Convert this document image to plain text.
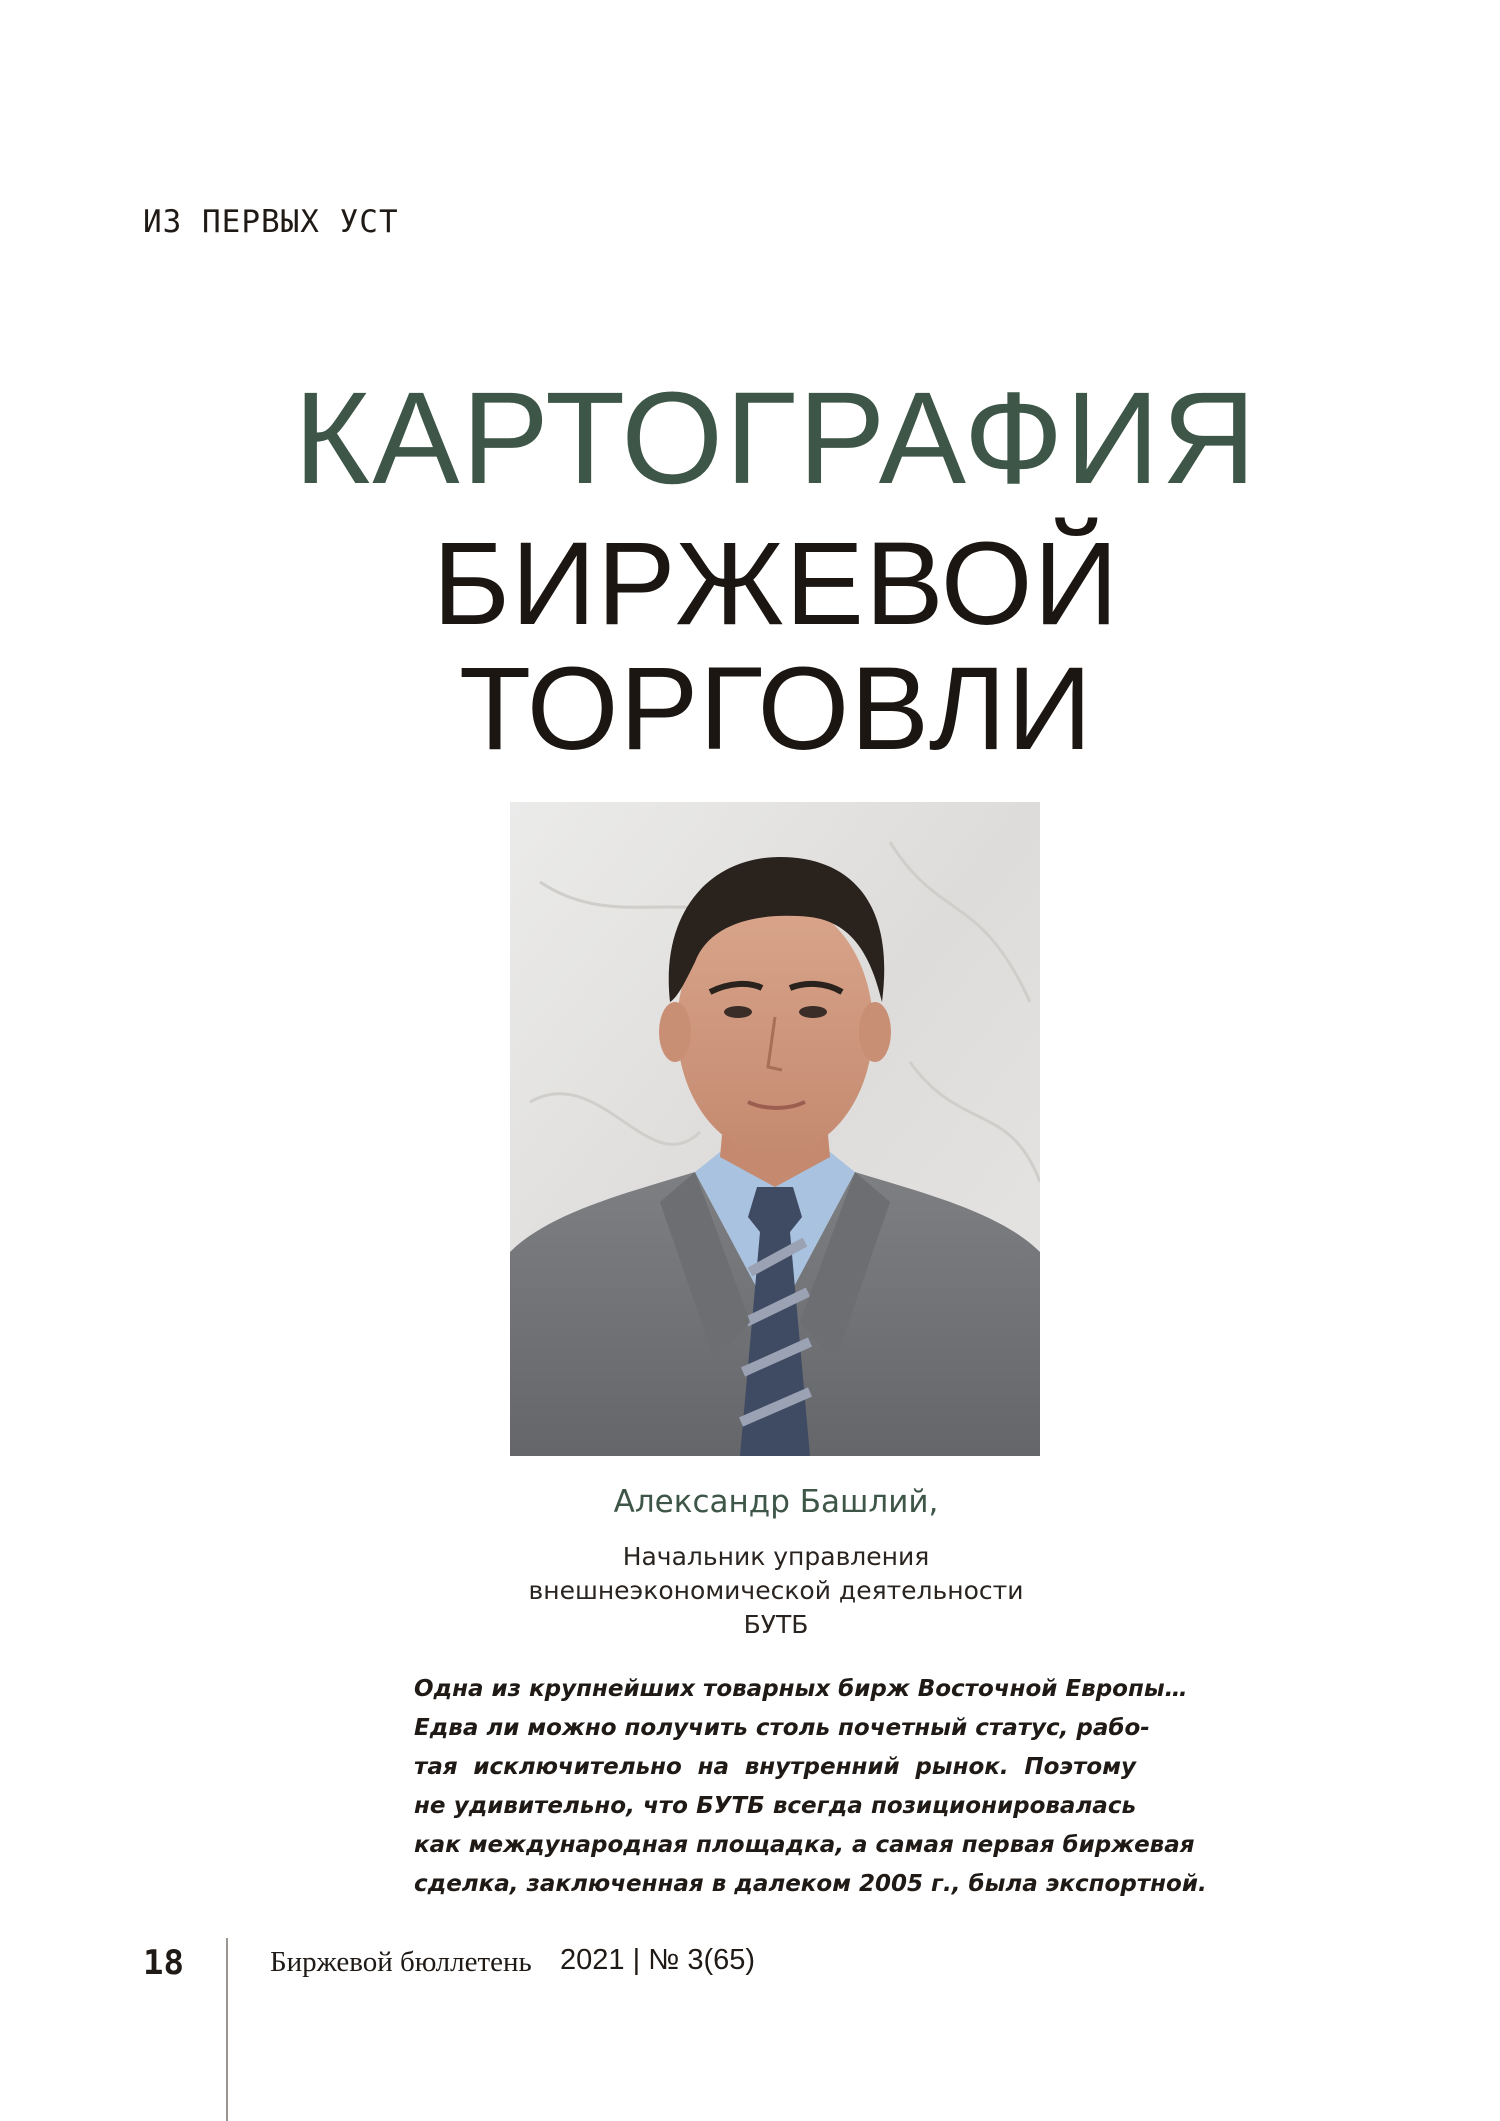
ИЗ ПЕРВЫХ УСТ
КАРТОГРАФИЯ
БИРЖЕВОЙ
ТОРГОВЛИ
Александр Башлий,
Начальник управления
внешнеэкономической деятельности
БУТБ
Одна из крупнейших товарных бирж Восточной Европы…
Едва ли можно получить столь почетный статус, рабо-
тая исключительно на внутренний рынок. Поэтому
не удивительно, что БУТБ всегда позиционировалась
как международная площадка, а самая первая биржевая
сделка, заключенная в далеком 2005 г., была экспортной.
18	Биржевой бюллетень 2021 | № 3(65)
